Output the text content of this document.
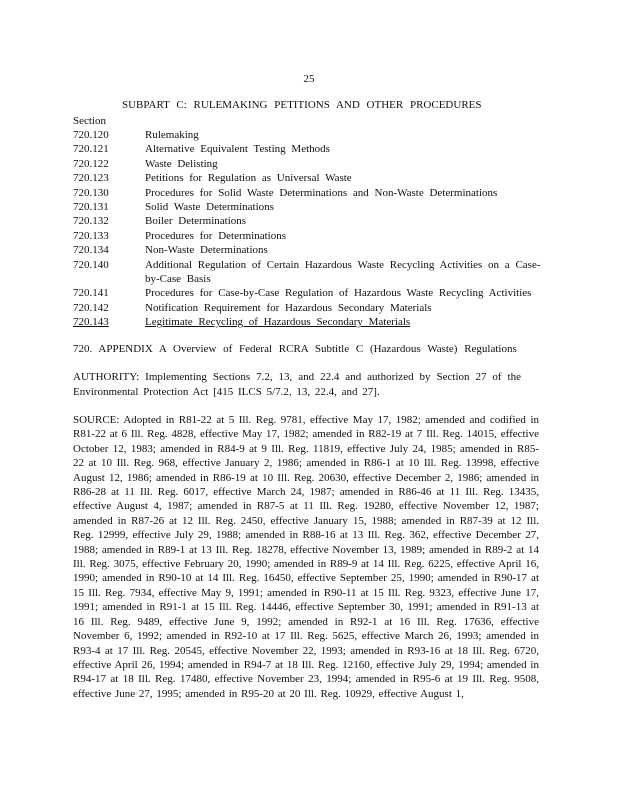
25
SUBPART C: RULEMAKING PETITIONS AND OTHER PROCEDURES
Section
720.120	Rulemaking
720.121	Alternative Equivalent Testing Methods
720.122	Waste Delisting
720.123	Petitions for Regulation as Universal Waste
720.130	Procedures for Solid Waste Determinations and Non-Waste Determinations
720.131	Solid Waste Determinations
720.132	Boiler Determinations
720.133	Procedures for Determinations
720.134	Non-Waste Determinations
720.140	Additional Regulation of Certain Hazardous Waste Recycling Activities on a Case-by-Case Basis
720.141	Procedures for Case-by-Case Regulation of Hazardous Waste Recycling Activities
720.142	Notification Requirement for Hazardous Secondary Materials
720.143	Legitimate Recycling of Hazardous Secondary Materials
720. APPENDIX A Overview of Federal RCRA Subtitle C (Hazardous Waste) Regulations
AUTHORITY: Implementing Sections 7.2, 13, and 22.4 and authorized by Section 27 of the Environmental Protection Act [415 ILCS 5/7.2, 13, 22.4, and 27].
SOURCE: Adopted in R81-22 at 5 Ill. Reg. 9781, effective May 17, 1982; amended and codified in R81-22 at 6 Ill. Reg. 4828, effective May 17, 1982; amended in R82-19 at 7 Ill. Reg. 14015, effective October 12, 1983; amended in R84-9 at 9 Ill. Reg. 11819, effective July 24, 1985; amended in R85-22 at 10 Ill. Reg. 968, effective January 2, 1986; amended in R86-1 at 10 Ill. Reg. 13998, effective August 12, 1986; amended in R86-19 at 10 Ill. Reg. 20630, effective December 2, 1986; amended in R86-28 at 11 Ill. Reg. 6017, effective March 24, 1987; amended in R86-46 at 11 Ill. Reg. 13435, effective August 4, 1987; amended in R87-5 at 11 Ill. Reg. 19280, effective November 12, 1987; amended in R87-26 at 12 Ill. Reg. 2450, effective January 15, 1988; amended in R87-39 at 12 Ill. Reg. 12999, effective July 29, 1988; amended in R88-16 at 13 Ill. Reg. 362, effective December 27, 1988; amended in R89-1 at 13 Ill. Reg. 18278, effective November 13, 1989; amended in R89-2 at 14 Ill. Reg. 3075, effective February 20, 1990; amended in R89-9 at 14 Ill. Reg. 6225, effective April 16, 1990; amended in R90-10 at 14 Ill. Reg. 16450, effective September 25, 1990; amended in R90-17 at 15 Ill. Reg. 7934, effective May 9, 1991; amended in R90-11 at 15 Ill. Reg. 9323, effective June 17, 1991; amended in R91-1 at 15 Ill. Reg. 14446, effective September 30, 1991; amended in R91-13 at 16 Ill. Reg. 9489, effective June 9, 1992; amended in R92-1 at 16 Ill. Reg. 17636, effective November 6, 1992; amended in R92-10 at 17 Ill. Reg. 5625, effective March 26, 1993; amended in R93-4 at 17 Ill. Reg. 20545, effective November 22, 1993; amended in R93-16 at 18 Ill. Reg. 6720, effective April 26, 1994; amended in R94-7 at 18 Ill. Reg. 12160, effective July 29, 1994; amended in R94-17 at 18 Ill. Reg. 17480, effective November 23, 1994; amended in R95-6 at 19 Ill. Reg. 9508, effective June 27, 1995; amended in R95-20 at 20 Ill. Reg. 10929, effective August 1,
